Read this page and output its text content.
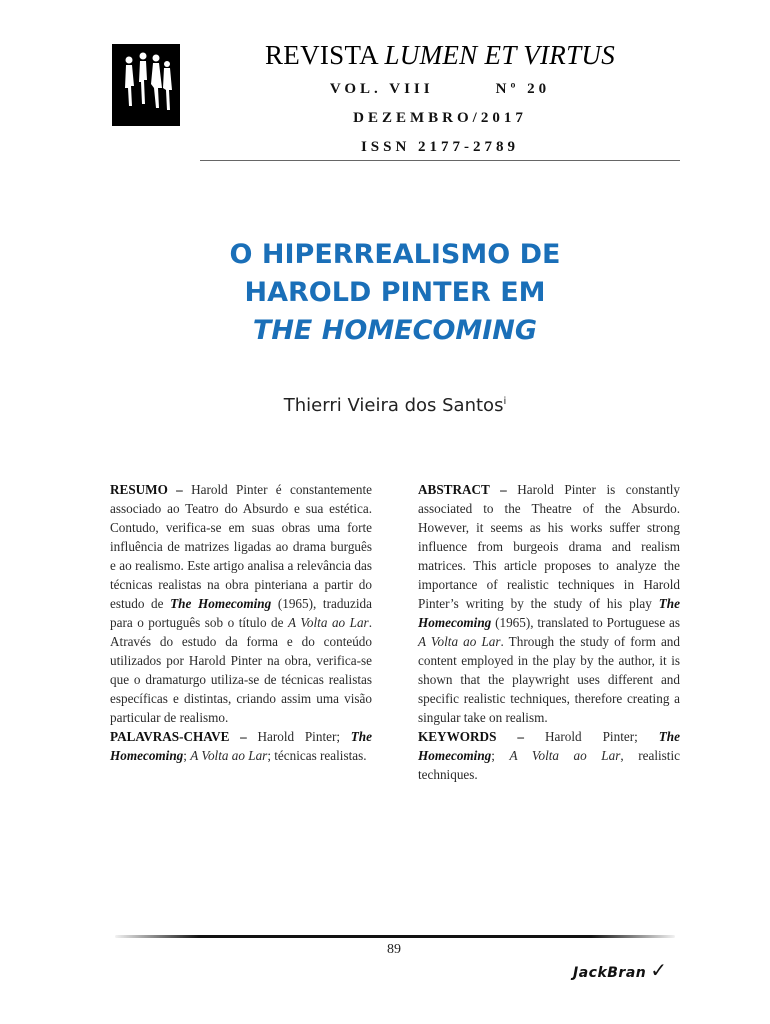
REVISTA LUMEN ET VIRTUS
VOL. VIII	Nº 20
DEZEMBRO/2017
ISSN 2177-2789
O HIPERREALISMO DE
HAROLD PINTER EM
THE HOMECOMING
Thierri Vieira dos Santos$^i$

RESUMO – Harold Pinter é constantemente associado ao Teatro do Absurdo e sua estética. Contudo, verifica-se em suas obras uma forte influência de matrizes ligadas ao drama burguês e ao realismo. Este artigo analisa a relevância das técnicas realistas na obra pinteriana a partir do estudo de The Homecoming (1965), traduzida para o português sob o título de A Volta ao Lar. Através do estudo da forma e do conteúdo utilizados por Harold Pinter na obra, verifica-se que o dramaturgo utiliza-se de técnicas realistas específicas e distintas, criando assim uma visão particular de realismo.

PALAVRAS-CHAVE – Harold Pinter; The Homecoming; A Volta ao Lar; técnicas realistas.

ABSTRACT – Harold Pinter is constantly associated to the Theatre of the Absurdo. However, it seems as his works suffer strong influence from burgeois drama and realism matrices. This article proposes to analyze the importance of realistic techniques in Harold Pinter’s writing by the study of his play The Homecoming (1965), translated to Portuguese as A Volta ao Lar. Through the study of form and content employed in the play by the author, it is shown that the playwright uses different and specific realistic techniques, therefore creating a singular take on realism.

KEYWORDS – Harold Pinter; The Homecoming; A Volta ao Lar, realistic techniques.

89
JackBran ✓
